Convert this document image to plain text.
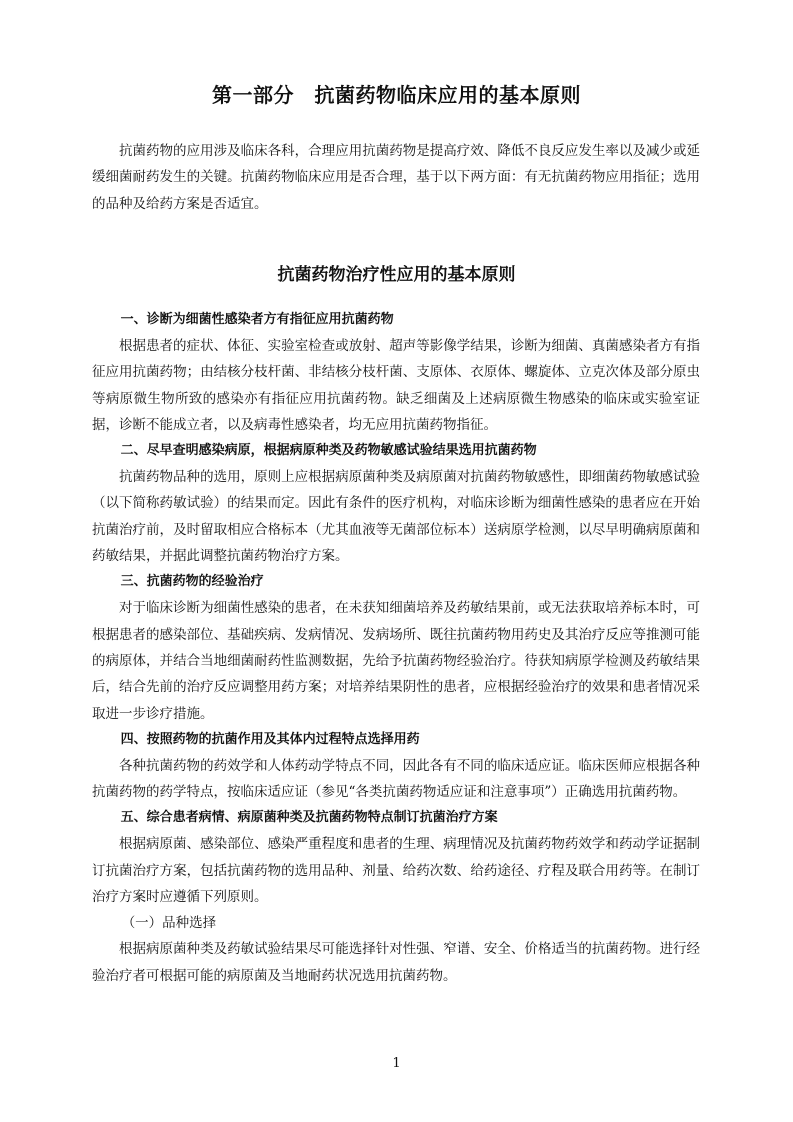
第一部分　抗菌药物临床应用的基本原则

抗菌药物的应用涉及临床各科，合理应用抗菌药物是提高疗效、降低不良反应发生率以及减少或延缓细菌耐药发生的关键。抗菌药物临床应用是否合理，基于以下两方面：有无抗菌药物应用指征；选用的品种及给药方案是否适宜。

抗菌药物治疗性应用的基本原则

一、诊断为细菌性感染者方有指征应用抗菌药物

根据患者的症状、体征、实验室检查或放射、超声等影像学结果，诊断为细菌、真菌感染者方有指征应用抗菌药物；由结核分枝杆菌、非结核分枝杆菌、支原体、衣原体、螺旋体、立克次体及部分原虫等病原微生物所致的感染亦有指征应用抗菌药物。缺乏细菌及上述病原微生物感染的临床或实验室证据，诊断不能成立者，以及病毒性感染者，均无应用抗菌药物指征。

二、尽早查明感染病原，根据病原种类及药物敏感试验结果选用抗菌药物

抗菌药物品种的选用，原则上应根据病原菌种类及病原菌对抗菌药物敏感性，即细菌药物敏感试验（以下简称药敏试验）的结果而定。因此有条件的医疗机构，对临床诊断为细菌性感染的患者应在开始抗菌治疗前，及时留取相应合格标本（尤其血液等无菌部位标本）送病原学检测，以尽早明确病原菌和药敏结果，并据此调整抗菌药物治疗方案。

三、抗菌药物的经验治疗

对于临床诊断为细菌性感染的患者，在未获知细菌培养及药敏结果前，或无法获取培养标本时，可根据患者的感染部位、基础疾病、发病情况、发病场所、既往抗菌药物用药史及其治疗反应等推测可能的病原体，并结合当地细菌耐药性监测数据，先给予抗菌药物经验治疗。待获知病原学检测及药敏结果后，结合先前的治疗反应调整用药方案；对培养结果阴性的患者，应根据经验治疗的效果和患者情况采取进一步诊疗措施。

四、按照药物的抗菌作用及其体内过程特点选择用药

各种抗菌药物的药效学和人体药动学特点不同，因此各有不同的临床适应证。临床医师应根据各种抗菌药物的药学特点，按临床适应证（参见“各类抗菌药物适应证和注意事项”）正确选用抗菌药物。

五、综合患者病情、病原菌种类及抗菌药物特点制订抗菌治疗方案

根据病原菌、感染部位、感染严重程度和患者的生理、病理情况及抗菌药物药效学和药动学证据制订抗菌治疗方案，包括抗菌药物的选用品种、剂量、给药次数、给药途径、疗程及联合用药等。在制订治疗方案时应遵循下列原则。

（一）品种选择

根据病原菌种类及药敏试验结果尽可能选择针对性强、窄谱、安全、价格适当的抗菌药物。进行经验治疗者可根据可能的病原菌及当地耐药状况选用抗菌药物。

1
